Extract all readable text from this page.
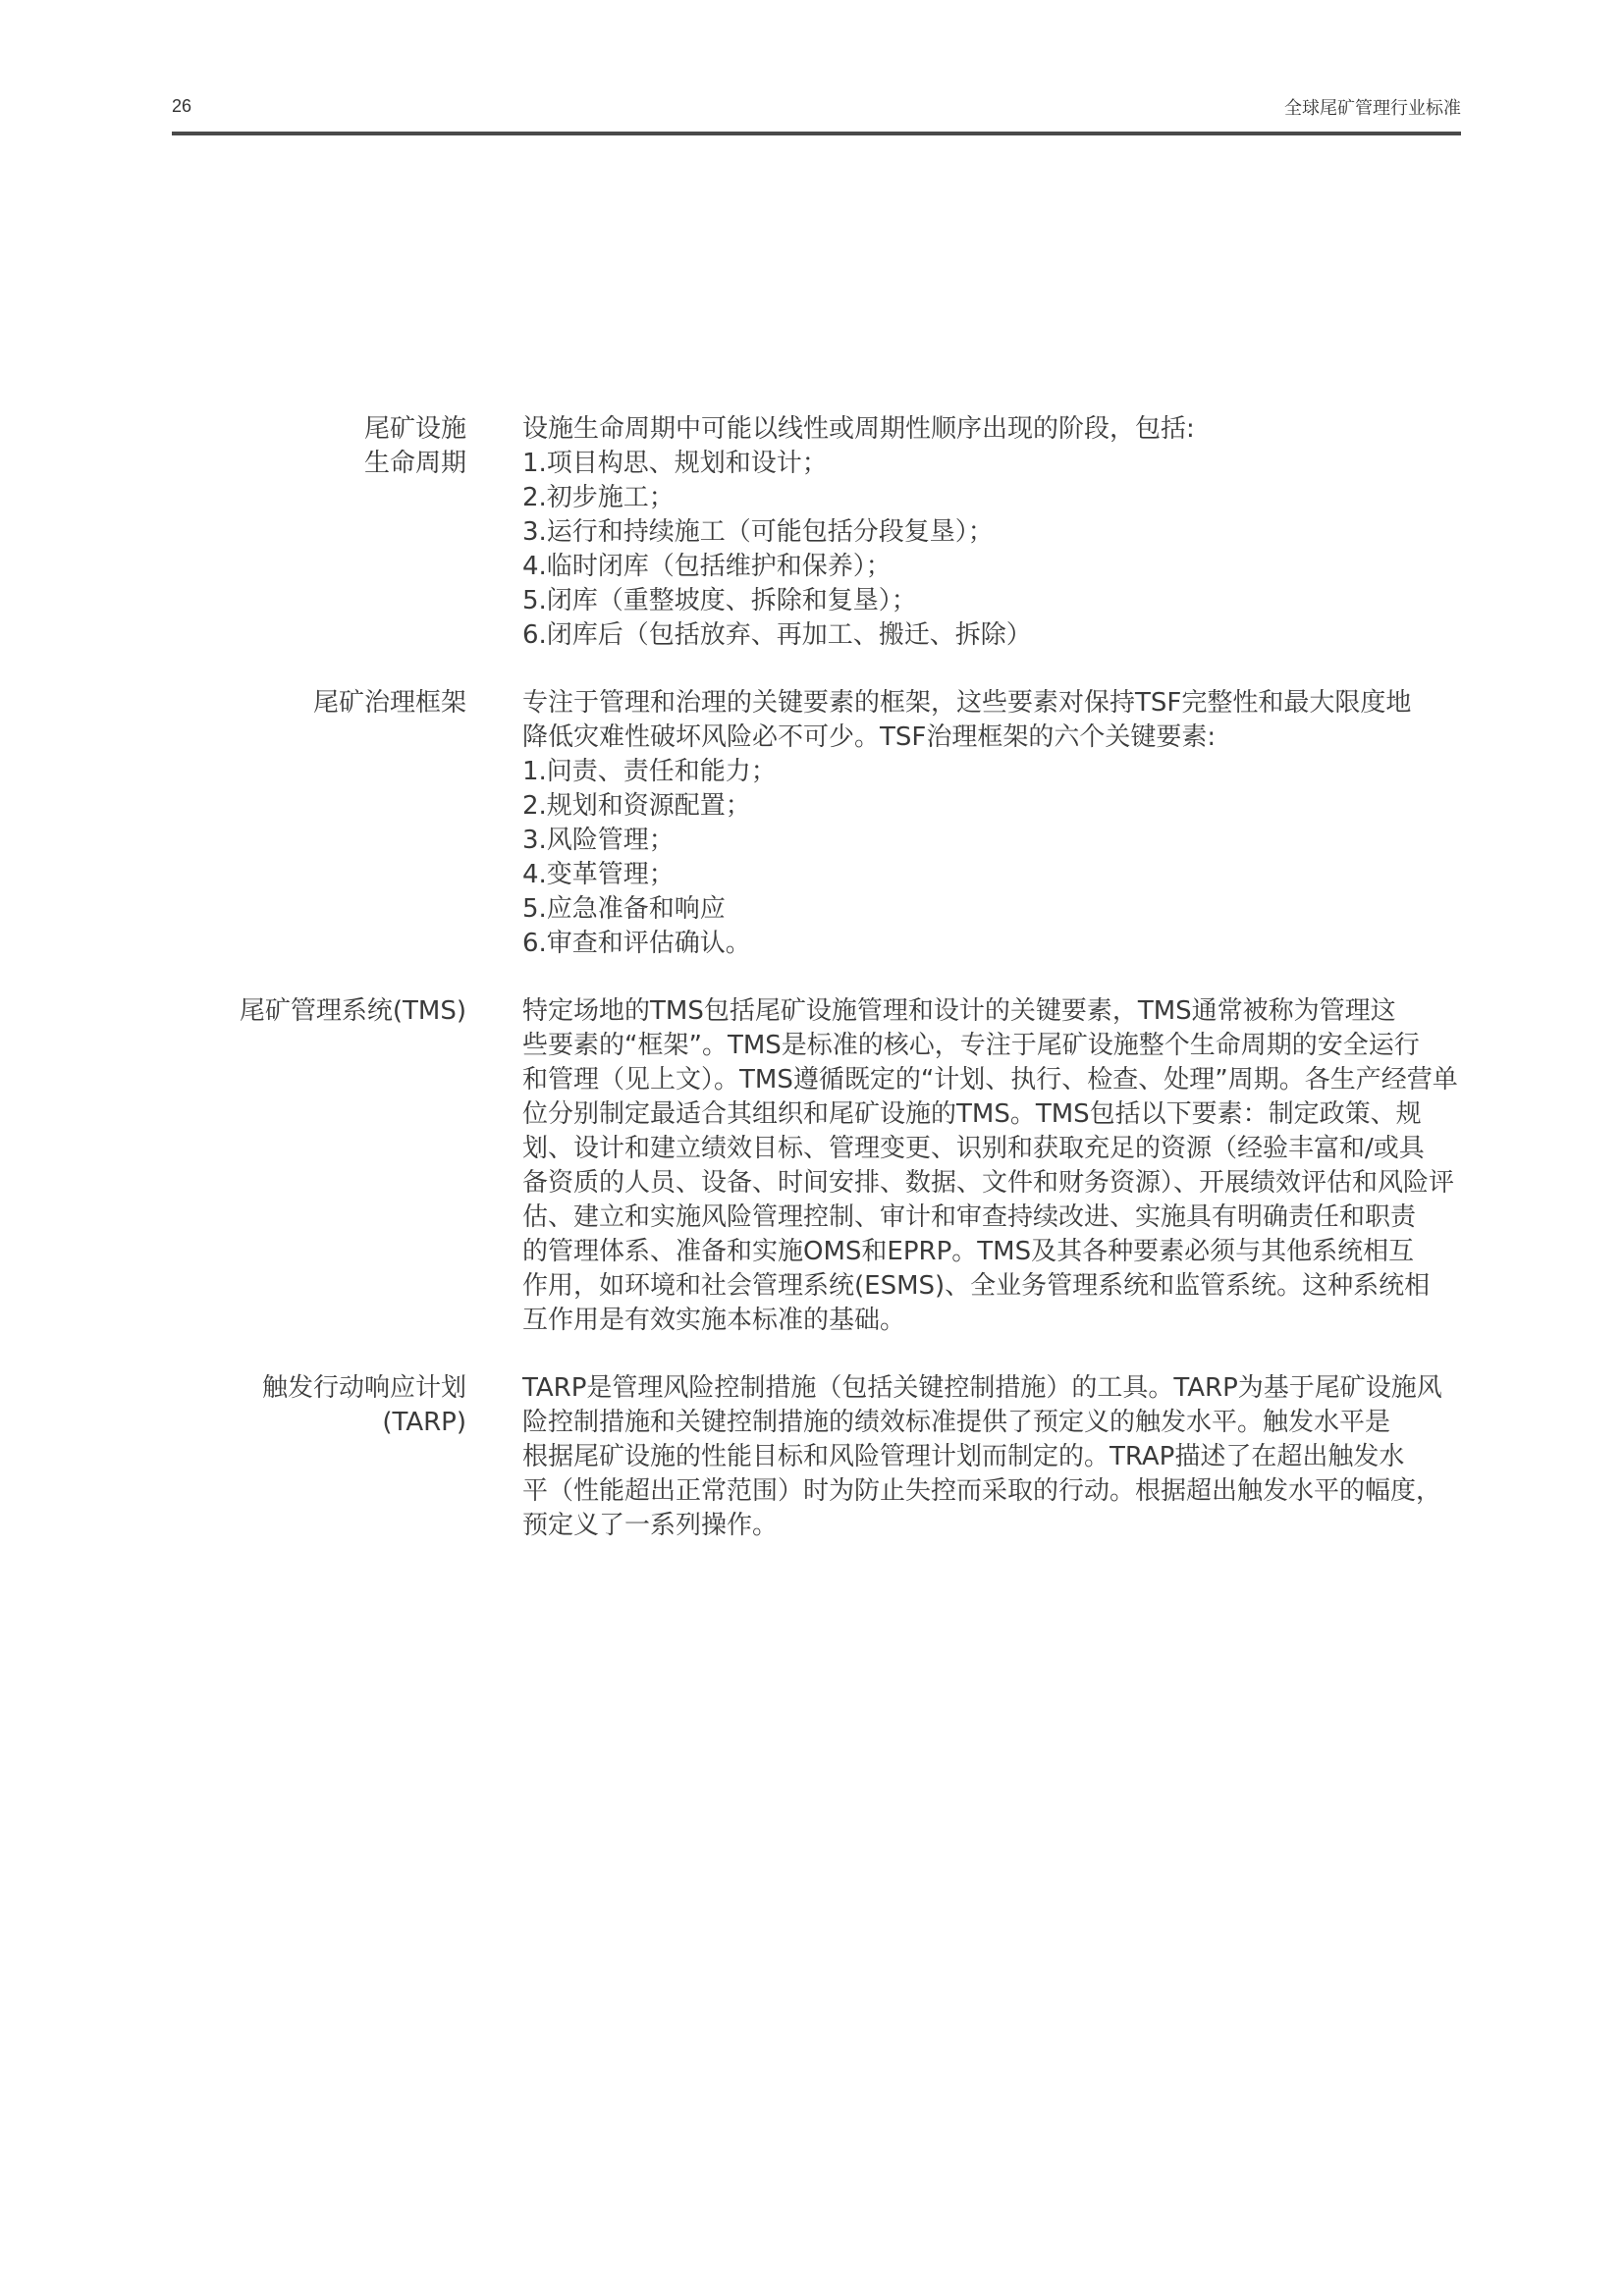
26	全球尾矿管理行业标准
尾矿设施
生命周期
设施生命周期中可能以线性或周期性顺序出现的阶段，包括:
1.项目构思、规划和设计；
2.初步施工；
3.运行和持续施工（可能包括分段复垦）；
4.临时闭库（包括维护和保养）；
5.闭库（重整坡度、拆除和复垦）；
6.闭库后（包括放弃、再加工、搬迁、拆除）
尾矿治理框架 专注于管理和治理的关键要素的框架，这些要素对保持TSF完整性和最大限度地
降低灾难性破坏风险必不可少。TSF治理框架的六个关键要素:
1.问责、责任和能力；
2.规划和资源配置；
3.风险管理；
4.变革管理；
5.应急准备和响应
6.审查和评估确认。
尾矿管理系统(TMS) 特定场地的TMS包括尾矿设施管理和设计的关键要素，TMS通常被称为管理这
些要素的“框架”。TMS是标准的核心，专注于尾矿设施整个生命周期的安全运行
和管理（见上文）。TMS遵循既定的“计划、执行、检查、处理”周期。各生产经营单
位分别制定最适合其组织和尾矿设施的TMS。TMS包括以下要素：制定政策、规
划、设计和建立绩效目标、管理变更、识别和获取充足的资源（经验丰富和/或具
备资质的人员、设备、时间安排、数据、文件和财务资源）、开展绩效评估和风险评
估、建立和实施风险管理控制、审计和审查持续改进、实施具有明确责任和职责
的管理体系、准备和实施OMS和EPRP。TMS及其各种要素必须与其他系统相互
作用，如环境和社会管理系统(ESMS)、全业务管理系统和监管系统。这种系统相
互作用是有效实施本标准的基础。
触发行动响应计划
(TARP)
TARP是管理风险控制措施（包括关键控制措施）的工具。TARP为基于尾矿设施风
险控制措施和关键控制措施的绩效标准提供了预定义的触发水平。触发水平是
根据尾矿设施的性能目标和风险管理计划而制定的。TRAP描述了在超出触发水
平（性能超出正常范围）时为防止失控而采取的行动。根据超出触发水平的幅度，
预定义了一系列操作。
